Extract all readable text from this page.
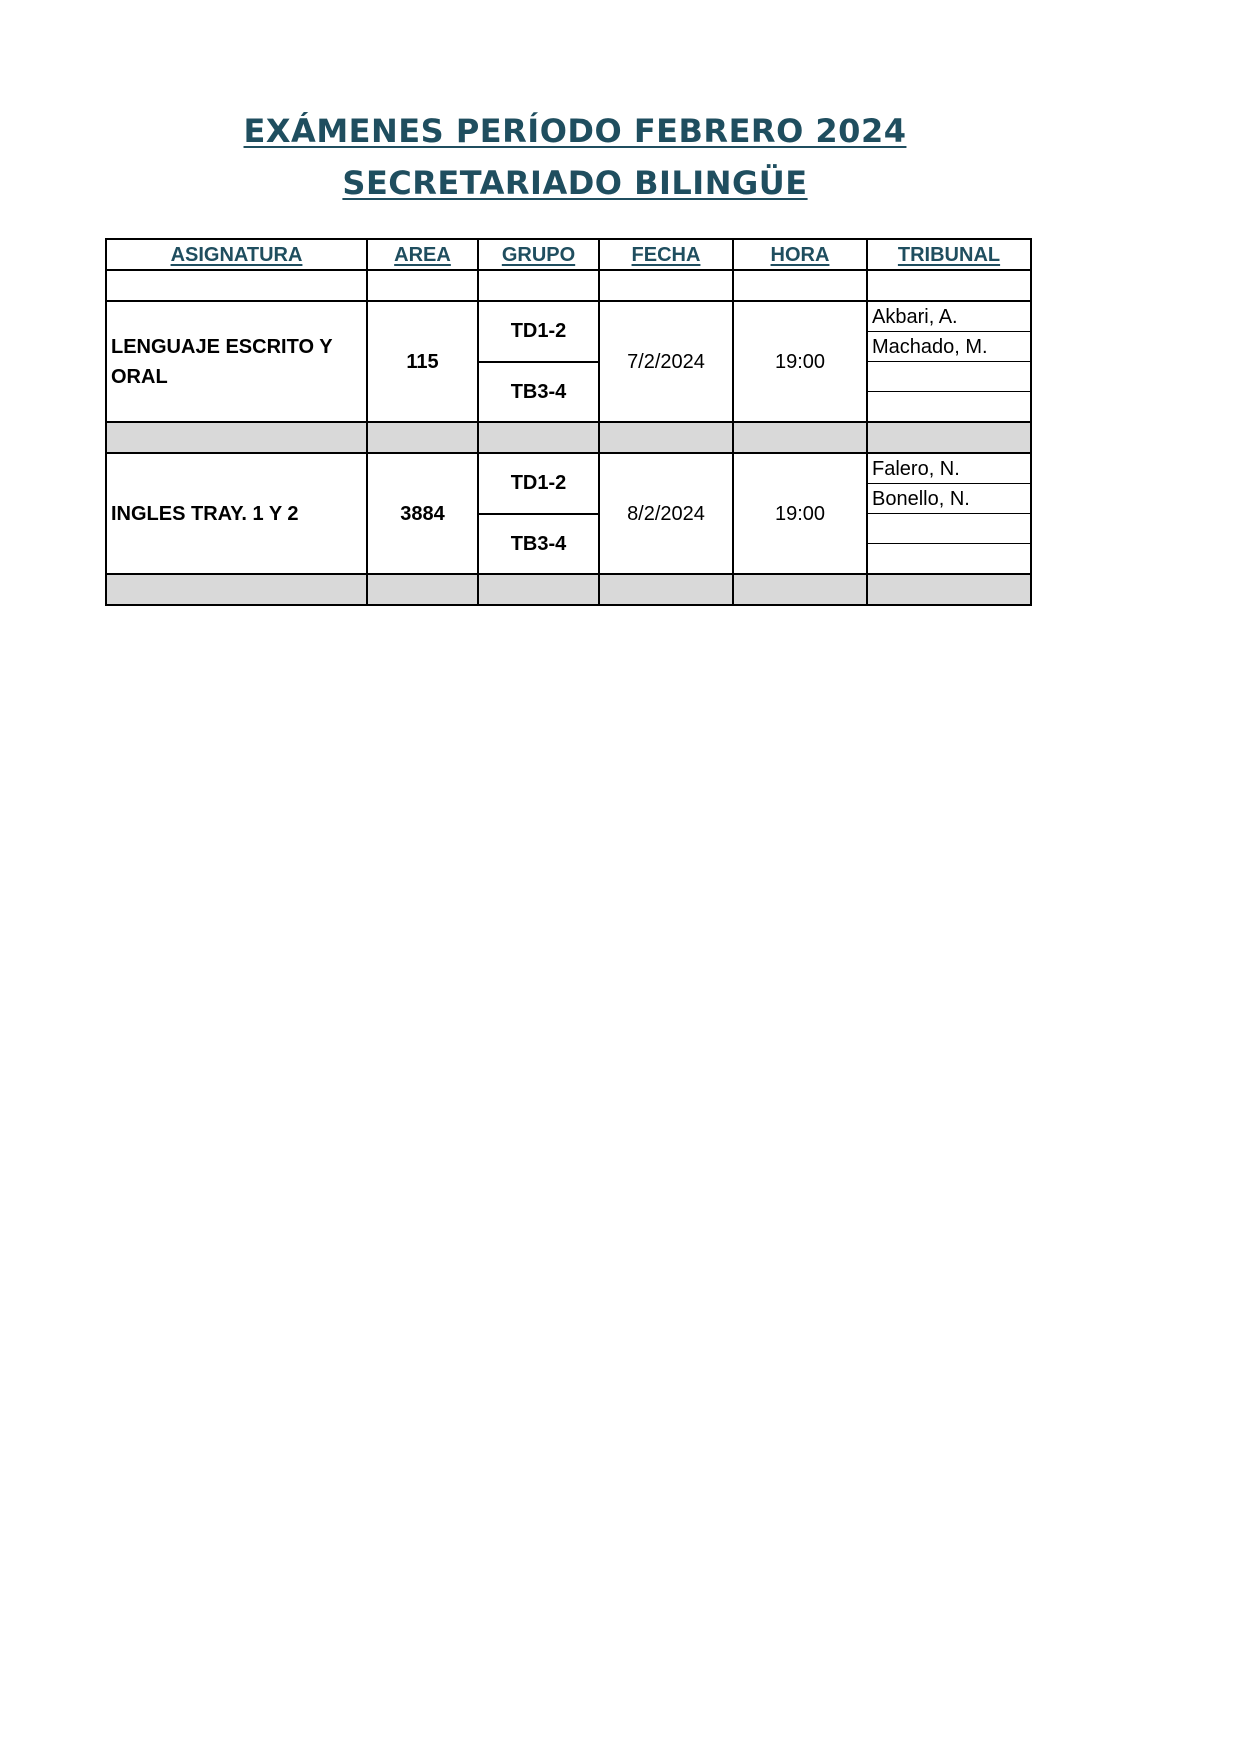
EXÁMENES PERÍODO FEBRERO 2024
SECRETARIADO BILINGÜE
ASIGNATURA	AREA	GRUPO	FECHA	HORA	TRIBUNAL

LENGUAJE ESCRITO Y ORAL	115	TD1-2	7/2/2024	19:00	Akbari, A.
					Machado, M.
		TB3-4			

INGLES TRAY. 1 Y 2	3884	TD1-2	8/2/2024	19:00	Falero, N.
					Bonello, N.
		TB3-4			
